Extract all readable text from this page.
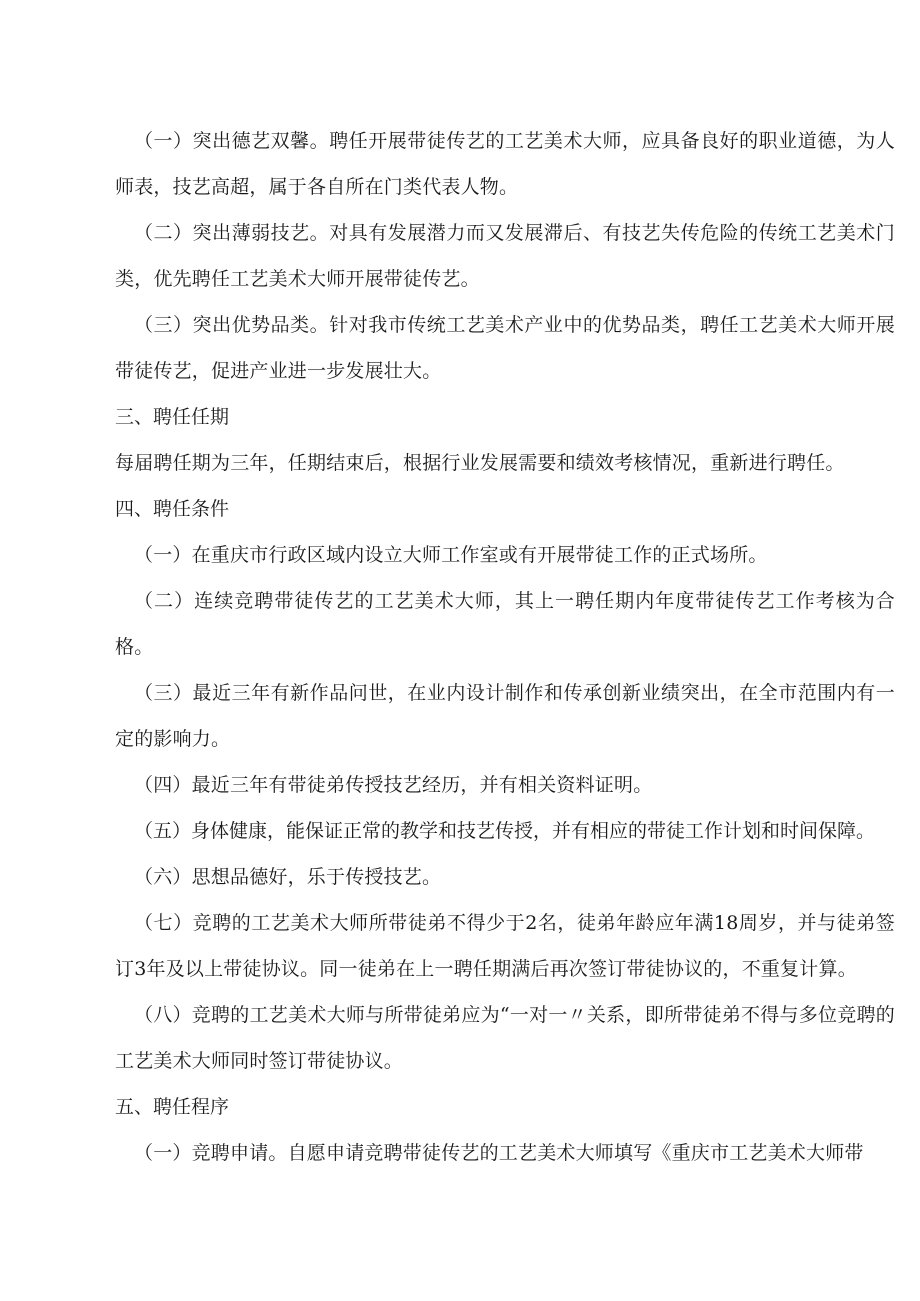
（一）突出德艺双馨。聘任开展带徒传艺的工艺美术大师，应具备良好的职业道德，为人师表，技艺高超，属于各自所在门类代表人物。

（二）突出薄弱技艺。对具有发展潜力而又发展滞后、有技艺失传危险的传统工艺美术门类，优先聘任工艺美术大师开展带徒传艺。

（三）突出优势品类。针对我市传统工艺美术产业中的优势品类，聘任工艺美术大师开展带徒传艺，促进产业进一步发展壮大。

三、聘任任期

每届聘任期为三年，任期结束后，根据行业发展需要和绩效考核情况，重新进行聘任。

四、聘任条件

（一）在重庆市行政区域内设立大师工作室或有开展带徒工作的正式场所。

（二）连续竞聘带徒传艺的工艺美术大师，其上一聘任期内年度带徒传艺工作考核为合格。

（三）最近三年有新作品问世，在业内设计制作和传承创新业绩突出，在全市范围内有一定的影响力。

（四）最近三年有带徒弟传授技艺经历，并有相关资料证明。

（五）身体健康，能保证正常的教学和技艺传授，并有相应的带徒工作计划和时间保障。

（六）思想品德好，乐于传授技艺。

（七）竞聘的工艺美术大师所带徒弟不得少于2名，徒弟年龄应年满18周岁，并与徒弟签订3年及以上带徒协议。同一徒弟在上一聘任期满后再次签订带徒协议的，不重复计算。

（八）竞聘的工艺美术大师与所带徒弟应为“一对一〃关系，即所带徒弟不得与多位竞聘的工艺美术大师同时签订带徒协议。

五、聘任程序

（一）竞聘申请。自愿申请竞聘带徒传艺的工艺美术大师填写《重庆市工艺美术大师带
